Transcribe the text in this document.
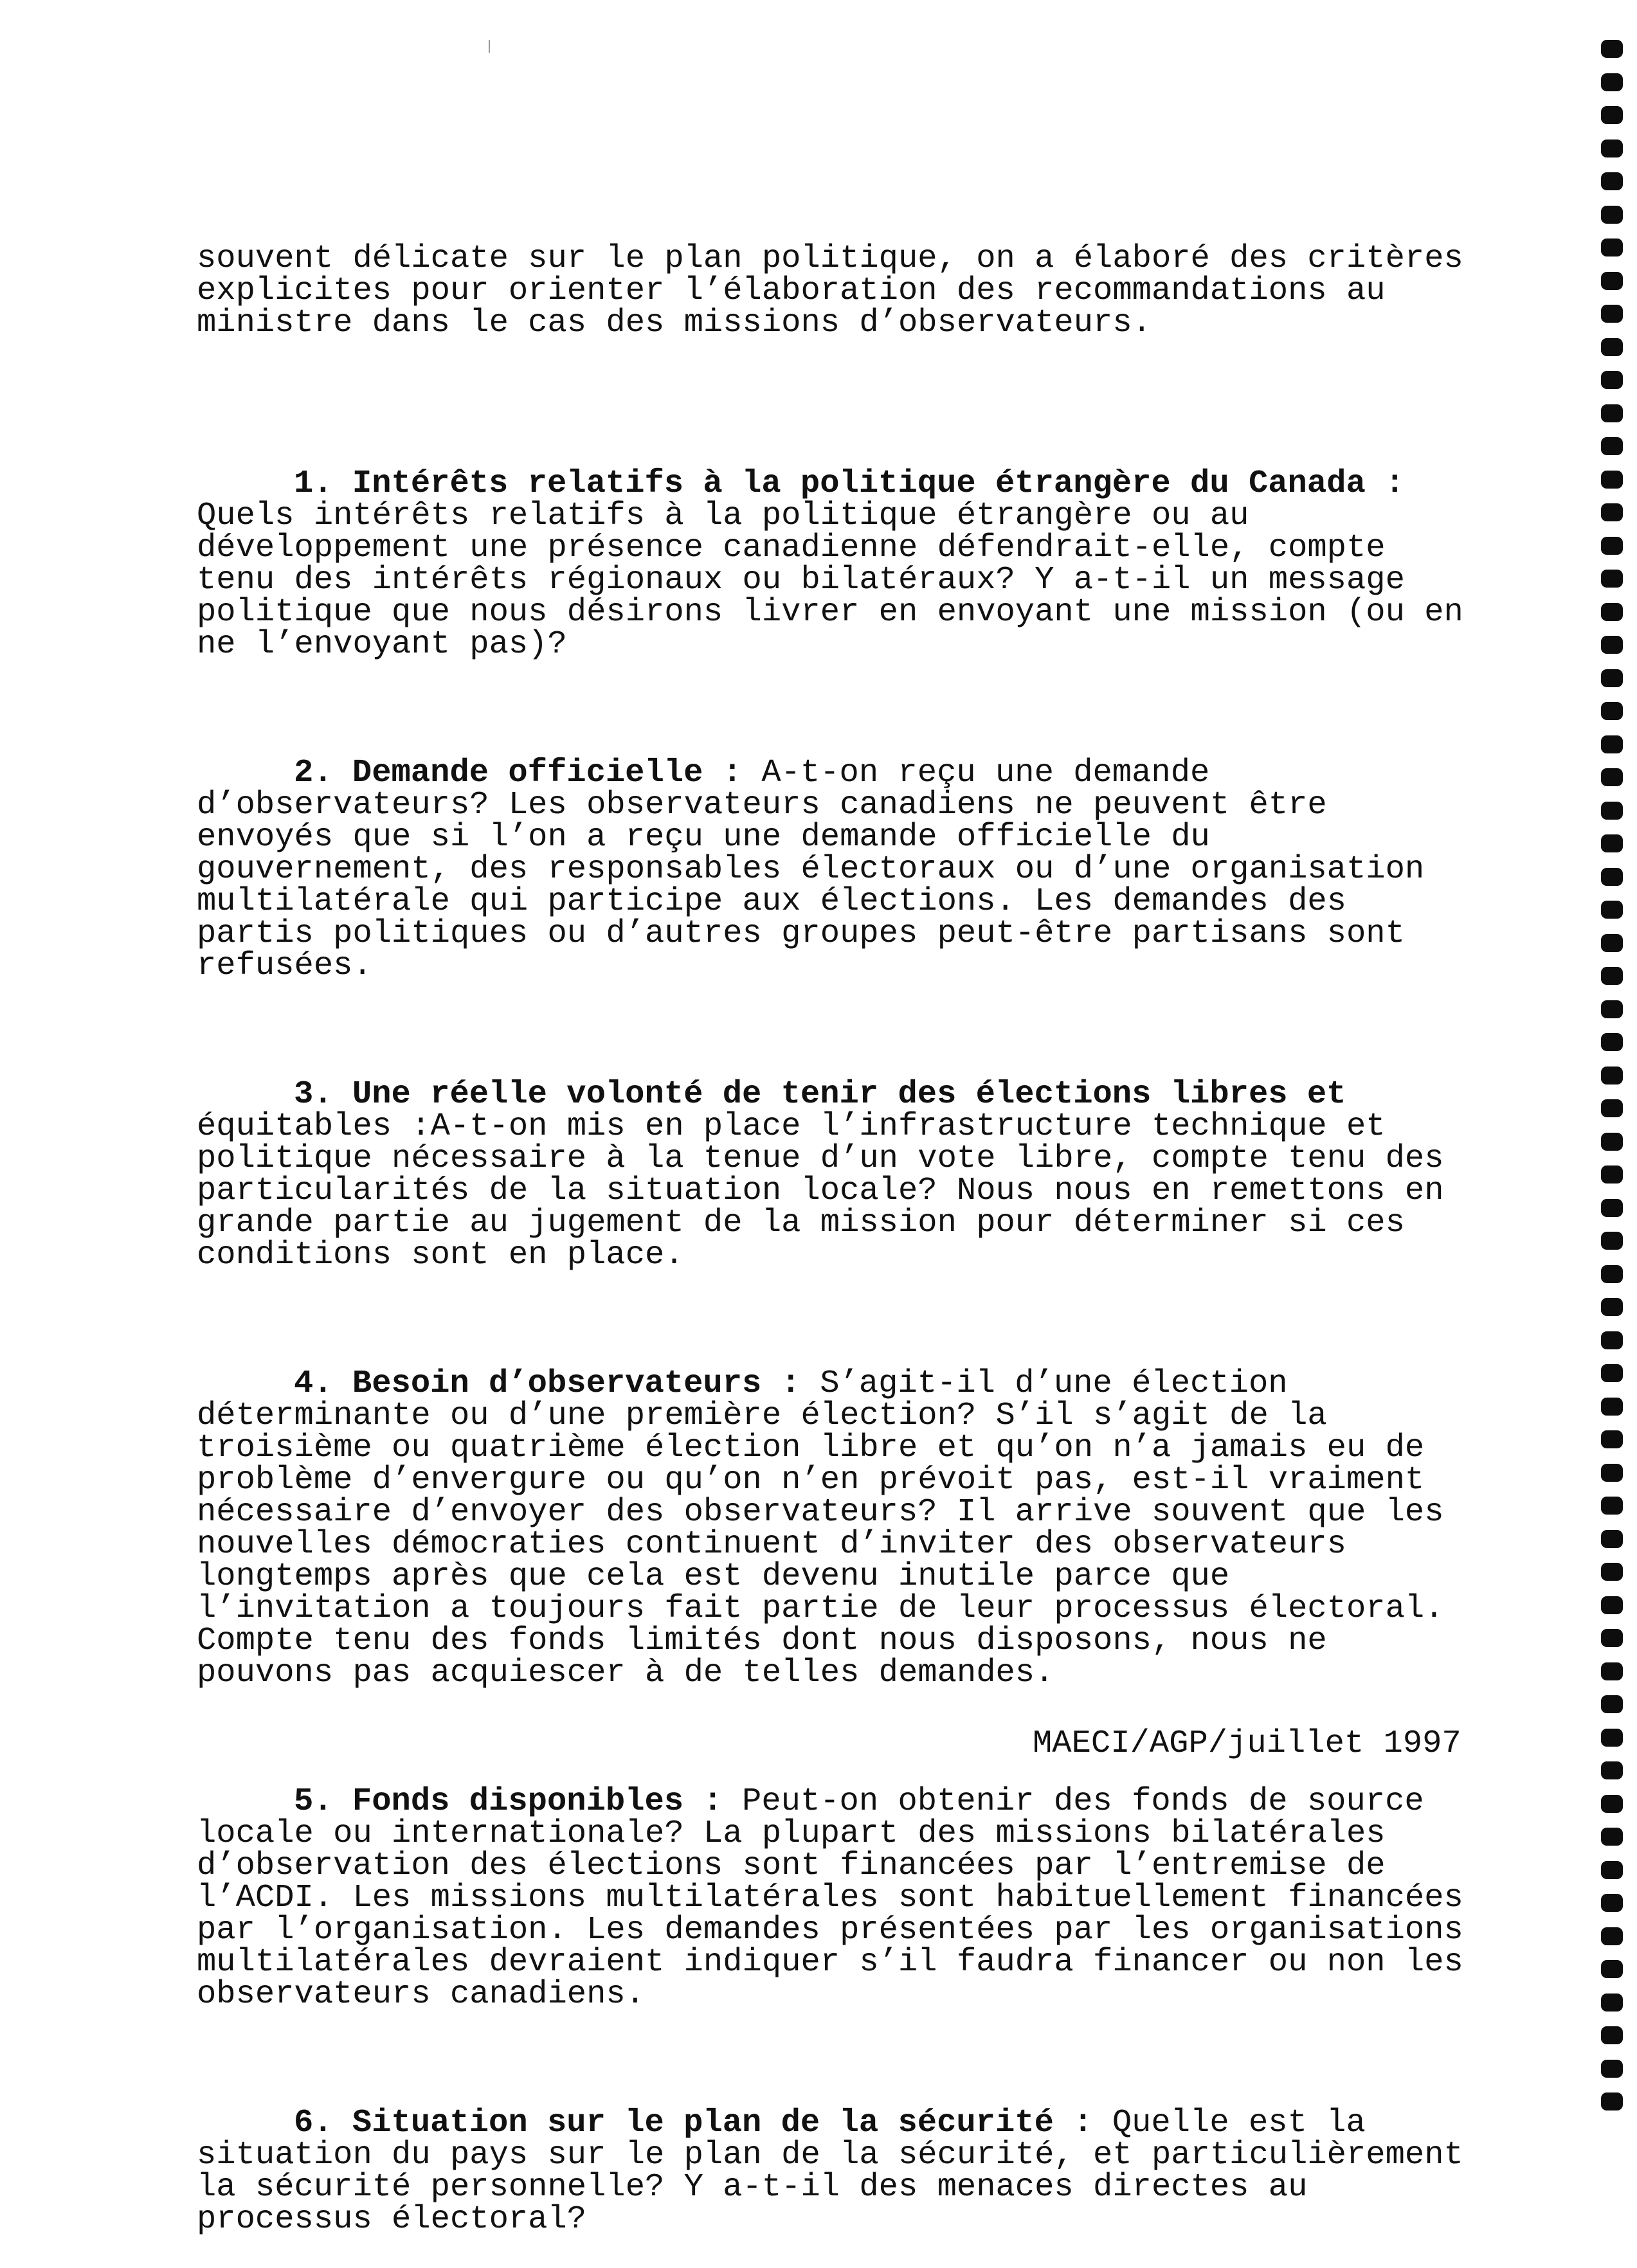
souvent délicate sur le plan politique, on a élaboré des critères
explicites pour orienter l’élaboration des recommandations au
ministre dans le cas des missions d’observateurs.

1. Intérêts relatifs à la politique étrangère du Canada :
Quels intérêts relatifs à la politique étrangère ou au
développement une présence canadienne défendrait-elle, compte
tenu des intérêts régionaux ou bilatéraux? Y a-t-il un message
politique que nous désirons livrer en envoyant une mission (ou en
ne l’envoyant pas)?

2. Demande officielle : A-t-on reçu une demande
d’observateurs? Les observateurs canadiens ne peuvent être
envoyés que si l’on a reçu une demande officielle du
gouvernement, des responsables électoraux ou d’une organisation
multilatérale qui participe aux élections. Les demandes des
partis politiques ou d’autres groupes peut-être partisans sont
refusées.

3. Une réelle volonté de tenir des élections libres et
équitables :A-t-on mis en place l’infrastructure technique et
politique nécessaire à la tenue d’un vote libre, compte tenu des
particularités de la situation locale? Nous nous en remettons en
grande partie au jugement de la mission pour déterminer si ces
conditions sont en place.

4. Besoin d’observateurs : S’agit-il d’une élection
déterminante ou d’une première élection? S’il s’agit de la
troisième ou quatrième élection libre et qu’on n’a jamais eu de
problème d’envergure ou qu’on n’en prévoit pas, est-il vraiment
nécessaire d’envoyer des observateurs? Il arrive souvent que les
nouvelles démocraties continuent d’inviter des observateurs
longtemps après que cela est devenu inutile parce que
l’invitation a toujours fait partie de leur processus électoral.
Compte tenu des fonds limités dont nous disposons, nous ne
pouvons pas acquiescer à de telles demandes.

5. Fonds disponibles : Peut-on obtenir des fonds de source
locale ou internationale? La plupart des missions bilatérales
d’observation des élections sont financées par l’entremise de
l’ACDI. Les missions multilatérales sont habituellement financées
par l’organisation. Les demandes présentées par les organisations
multilatérales devraient indiquer s’il faudra financer ou non les
observateurs canadiens.

6. Situation sur le plan de la sécurité : Quelle est la
situation du pays sur le plan de la sécurité, et particulièrement
la sécurité personnelle? Y a-t-il des menaces directes au
processus électoral?

MAECI/AGP/juillet 1997
